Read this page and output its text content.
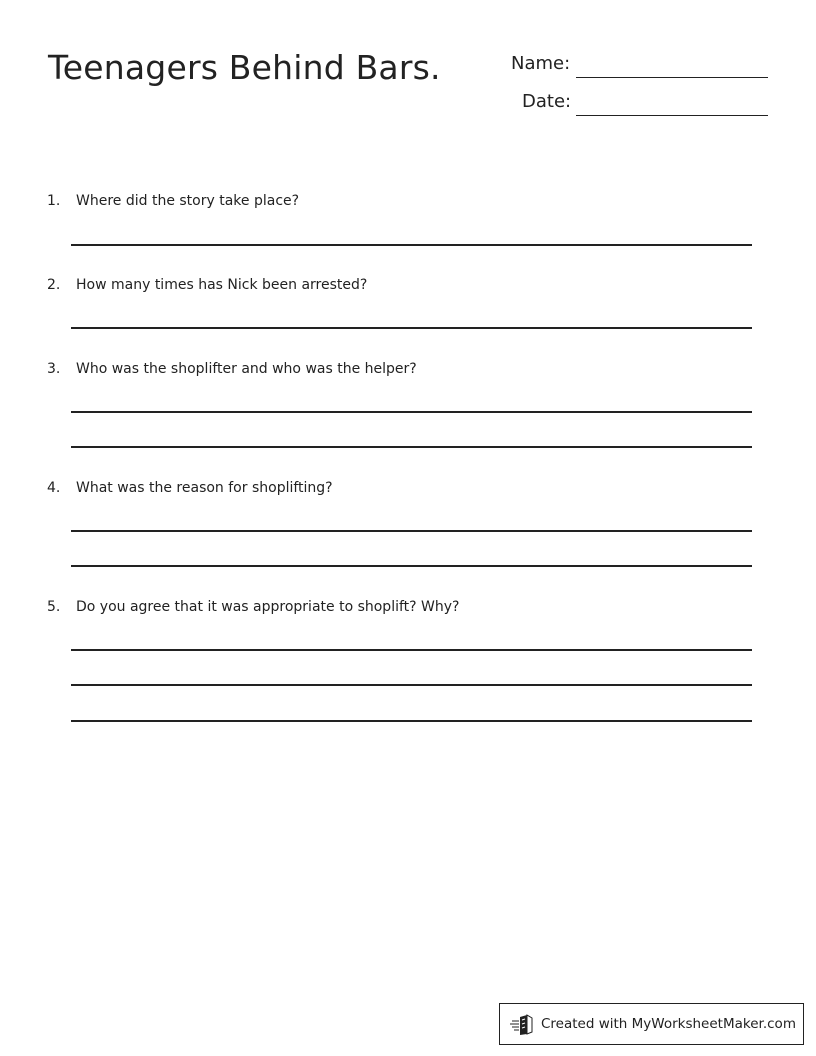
Teenagers Behind Bars.	Name:
Date:
1. Where did the story take place?
2. How many times has Nick been arrested?
3. Who was the shoplifter and who was the helper?
4. What was the reason for shoplifting?
5. Do you agree that it was appropriate to shoplift? Why?
Created with MyWorksheetMaker.com
